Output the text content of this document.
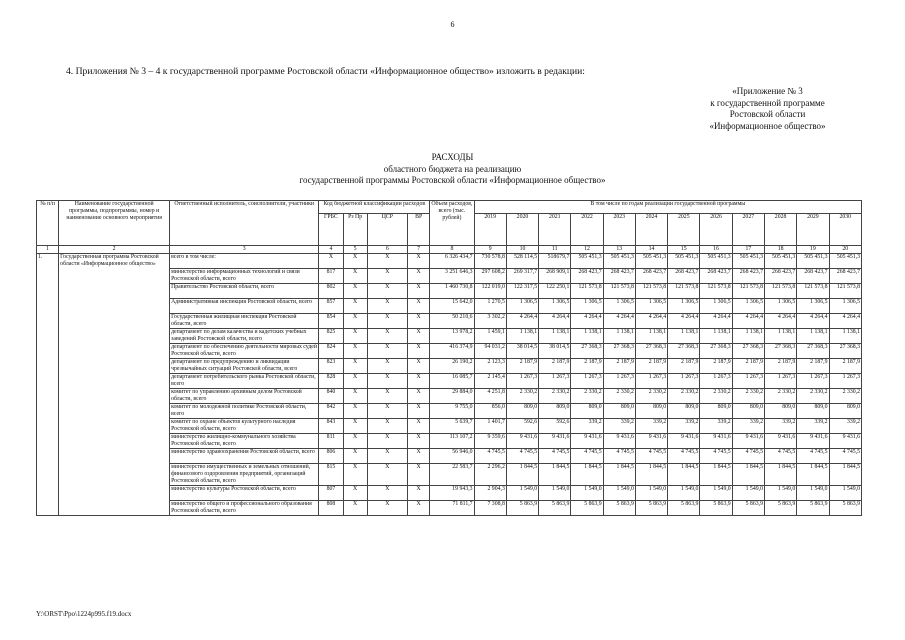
6
4. Приложения № 3 – 4 к государственной программе Ростовской области «Информационное общество» изложить в редакции:
«Приложение № 3
к государственной программе
Ростовской области
«Информационное общество»
РАСХОДЫ
областного бюджета на реализацию
государственной программы Ростовской области «Информационное общество»
№ п/п	Наименование государственной программы, подпрограммы, номер и наименование основного мероприятия	Ответственный исполнитель, соисполнители, участники	Код бюджетной классификации расходов				Объем расходов, всего (тыс. рублей)	В том числе по годам реализации государственной программы											
			ГРБС	Рз Пр	ЦСР	ВР		2019	2020	2021	2022	2023	2024	2025	2026	2027	2028	2029	2030
1	2	3	4	5	6	7	8	9	10	11	12	13	14	15	16	17	18	19	20
1.	Государственная программа Ростовской области «Информационное общество»	всего в том числе:	X	X	X	X	6 326 434,7	730 578,8	528 114,5	518679,7	505 451,3	505 451,3	505 451,3	505 451,3	505 451,3	505 451,3	505 451,3	505 451,3	505 451,3
		министерство информационных технологий и связи Ростовской области, всего	817	X	X	X	3 251 646,3	297 608,2	269 317,7	268 909,1	268 423,7	268 423,7	268 423,7	268 423,7	268 423,7	268 423,7	268 423,7	268 423,7	268 423,7
		Правительство Ростовской области, всего	802	X	X	X	1 460 730,8	122 019,0	122 317,5	122 250,1	121 573,8	121 573,8	121 573,8	121 573,8	121 573,8	121 573,8	121 573,8	121 573,8	121 573,8
		Административная инспекция Ростовской области, всего	857	X	X	X	15 642,0	1 270,5	1 306,5	1 306,5	1 306,5	1 306,5	1 306,5	1 306,5	1 306,5	1 306,5	1 306,5	1 306,5	1 306,5
		Государственная жилищная инспекция Ростовской области, всего	854	X	X	X	50 210,6	3 302,2	4 264,4	4 264,4	4 264,4	4 264,4	4 264,4	4 264,4	4 264,4	4 264,4	4 264,4	4 264,4	4 264,4
		департамент по делам казачества и кадетских учебных заведений Ростовской области, всего	825	X	X	X	13 978,2	1 459,1	1 138,1	1 138,1	1 138,1	1 138,1	1 138,1	1 138,1	1 138,1	1 138,1	1 138,1	1 138,1	1 138,1
		департамент по обеспечению деятельности мировых судей Ростовской области, всего	824	X	X	X	416 374,9	94 031,2	38 014,5	38 014,5	27 368,3	27 368,3	27 368,3	27 368,3	27 368,3	27 368,3	27 368,3	27 368,3	27 368,3
		департамент по предупреждению и ликвидации чрезвычайных ситуаций Ростовской области, всего	823	X	X	X	26 190,2	2 123,3	2 187,9	2 187,9	2 187,9	2 187,9	2 187,9	2 187,9	2 187,9	2 187,9	2 187,9	2 187,9	2 187,9
		департамент потребительского рынка Ростовской области, всего	828	X	X	X	16 085,7	2 145,4	1 267,3	1 267,3	1 267,3	1 267,3	1 267,3	1 267,3	1 267,3	1 267,3	1 267,3	1 267,3	1 267,3
		комитет по управлению архивным делом Ростовской области, всего	840	X	X	X	29 884,0	4 251,8	2 330,2	2 330,2	2 330,2	2 330,2	2 330,2	2 330,2	2 330,2	2 330,2	2 330,2	2 330,2	2 330,2
		комитет по молодежной политике Ростовской области, всего	842	X	X	X	9 755,0	856,0	809,0	809,0	809,0	809,0	809,0	809,0	809,0	809,0	809,0	809,0	809,0
		комитет по охране объектов культурного наследия Ростовской области, всего	843	X	X	X	5 639,7	1 401,7	592,6	592,6	339,2	339,2	339,2	339,2	339,2	339,2	339,2	339,2	339,2
		министерство жилищно-коммунального хозяйства Ростовской области, всего	811	X	X	X	113 107,2	9 359,6	9 431,6	9 431,6	9 431,6	9 431,6	9 431,6	9 431,6	9 431,6	9 431,6	9 431,6	9 431,6	9 431,6
		министерство здравоохранения Ростовской области, всего	806	X	X	X	56 946,0	4 745,5	4 745,5	4 745,5	4 745,5	4 745,5	4 745,5	4 745,5	4 745,5	4 745,5	4 745,5	4 745,5	4 745,5
		министерство имущественных и земельных отношений, финансового оздоровления предприятий, организаций Ростовской области, всего	815	X	X	X	22 583,7	2 296,2	1 844,5	1 844,5	1 844,5	1 844,5	1 844,5	1 844,5	1 844,5	1 844,5	1 844,5	1 844,5	1 844,5
		министерство культуры Ростовской области, всего	807	X	X	X	19 943,3	2 904,3	1 549,0	1 549,0	1 549,0	1 549,0	1 549,0	1 549,0	1 549,0	1 549,0	1 549,0	1 549,0	1 549,0
		министерство общего и профессионального образования Ростовской области, всего	808	X	X	X	71 811,7	7 308,8	5 863,9	5 863,9	5 863,9	5 863,9	5 863,9	5 863,9	5 863,9	5 863,9	5 863,9	5 863,9	5 863,9
Y:\ORST\Ppo\1224p995.f19.docx
